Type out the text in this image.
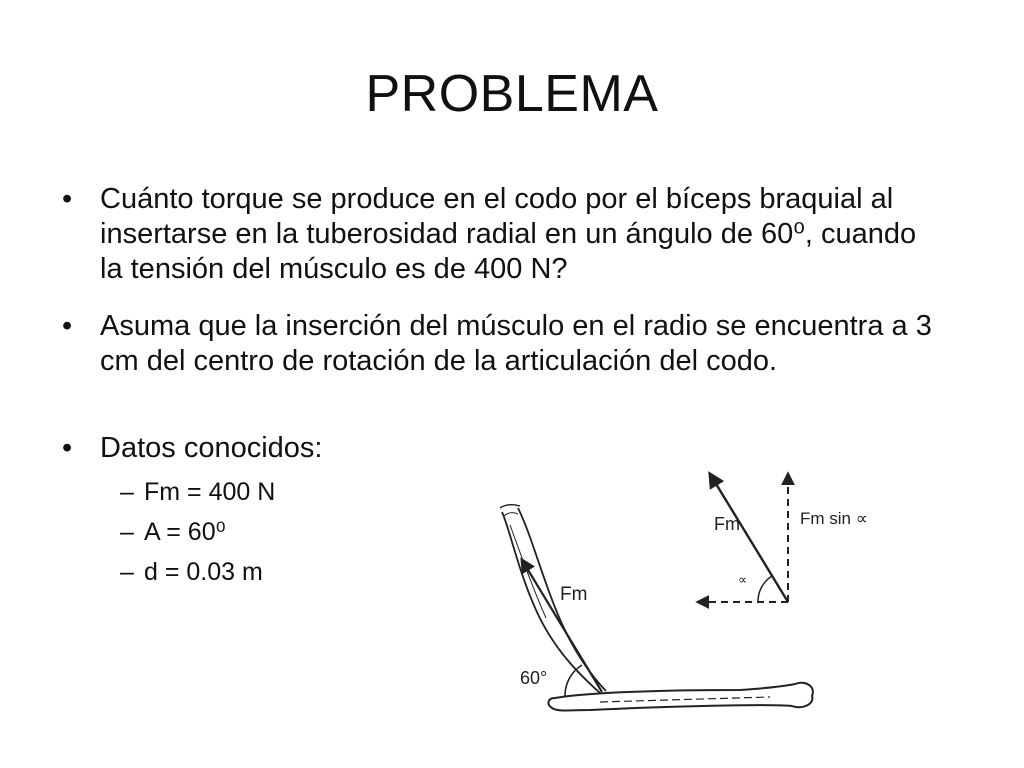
PROBLEMA
• Cuánto torque se produce en el codo por el bíceps braquial al insertarse en la tuberosidad radial en un ángulo de 60⁰, cuando la tensión del músculo es de 400 N?
• Asuma que la inserción del músculo en el radio se encuentra a 3 cm del centro de rotación de la articulación del codo.
• Datos conocidos:
– Fm = 400 N
– A = 60⁰
– d = 0.03 m
Fm
60°
Fm	Fm sin ∝
∝
